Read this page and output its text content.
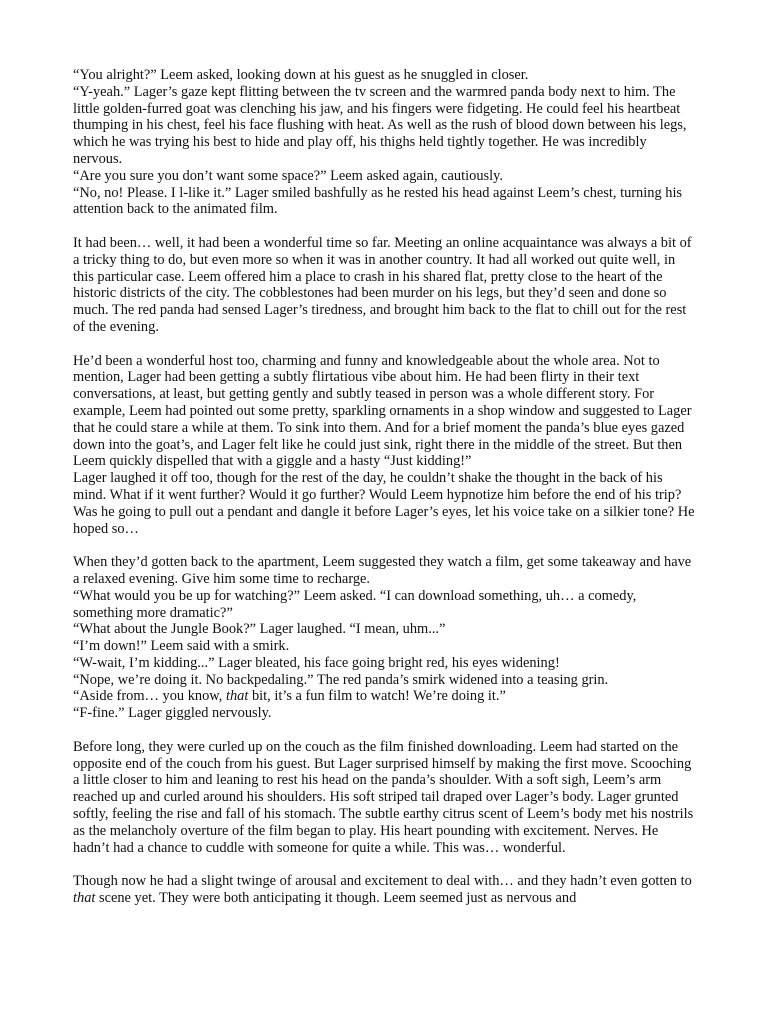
“You alright?” Leem asked, looking down at his guest as he snuggled in closer.

“Y-yeah.” Lager’s gaze kept flitting between the tv screen and the warmred panda body next to him. The little golden-furred goat was clenching his jaw, and his fingers were fidgeting. He could feel his heartbeat thumping in his chest, feel his face flushing with heat. As well as the rush of blood down between his legs, which he was trying his best to hide and play off, his thighs held tightly together. He was incredibly nervous.

“Are you sure you don’t want some space?” Leem asked again, cautiously.

“No, no! Please. I l-like it.” Lager smiled bashfully as he rested his head against Leem’s chest, turning his attention back to the animated film.

It had been… well, it had been a wonderful time so far. Meeting an online acquaintance was always a bit of a tricky thing to do, but even more so when it was in another country. It had all worked out quite well, in this particular case. Leem offered him a place to crash in his shared flat, pretty close to the heart of the historic districts of the city. The cobblestones had been murder on his legs, but they’d seen and done so much. The red panda had sensed Lager’s tiredness, and brought him back to the flat to chill out for the rest of the evening.

He’d been a wonderful host too, charming and funny and knowledgeable about the whole area. Not to mention, Lager had been getting a subtly flirtatious vibe about him. He had been flirty in their text conversations, at least, but getting gently and subtly teased in person was a whole different story. For example, Leem had pointed out some pretty, sparkling ornaments in a shop window and suggested to Lager that he could stare a while at them. To sink into them. And for a brief moment the panda’s blue eyes gazed down into the goat’s, and Lager felt like he could just sink, right there in the middle of the street. But then Leem quickly dispelled that with a giggle and a hasty “Just kidding!”

Lager laughed it off too, though for the rest of the day, he couldn’t shake the thought in the back of his mind. What if it went further? Would it go further? Would Leem hypnotize him before the end of his trip? Was he going to pull out a pendant and dangle it before Lager’s eyes, let his voice take on a silkier tone? He hoped so…

When they’d gotten back to the apartment, Leem suggested they watch a film, get some takeaway and have a relaxed evening. Give him some time to recharge.

“What would you be up for watching?” Leem asked. “I can download something, uh… a comedy, something more dramatic?”

“What about the Jungle Book?” Lager laughed. “I mean, uhm...”

“I’m down!” Leem said with a smirk.

“W-wait, I’m kidding...” Lager bleated, his face going bright red, his eyes widening!

“Nope, we’re doing it. No backpedaling.” The red panda’s smirk widened into a teasing grin.

“Aside from… you know, that bit, it’s a fun film to watch! We’re doing it.”

“F-fine.” Lager giggled nervously.

Before long, they were curled up on the couch as the film finished downloading. Leem had started on the opposite end of the couch from his guest. But Lager surprised himself by making the first move. Scooching a little closer to him and leaning to rest his head on the panda’s shoulder. With a soft sigh, Leem’s arm reached up and curled around his shoulders. His soft striped tail draped over Lager’s body. Lager grunted softly, feeling the rise and fall of his stomach. The subtle earthy citrus scent of Leem’s body met his nostrils as the melancholy overture of the film began to play. His heart pounding with excitement. Nerves. He hadn’t had a chance to cuddle with someone for quite a while. This was… wonderful.

Though now he had a slight twinge of arousal and excitement to deal with… and they hadn’t even gotten to that scene yet. They were both anticipating it though. Leem seemed just as nervous and
